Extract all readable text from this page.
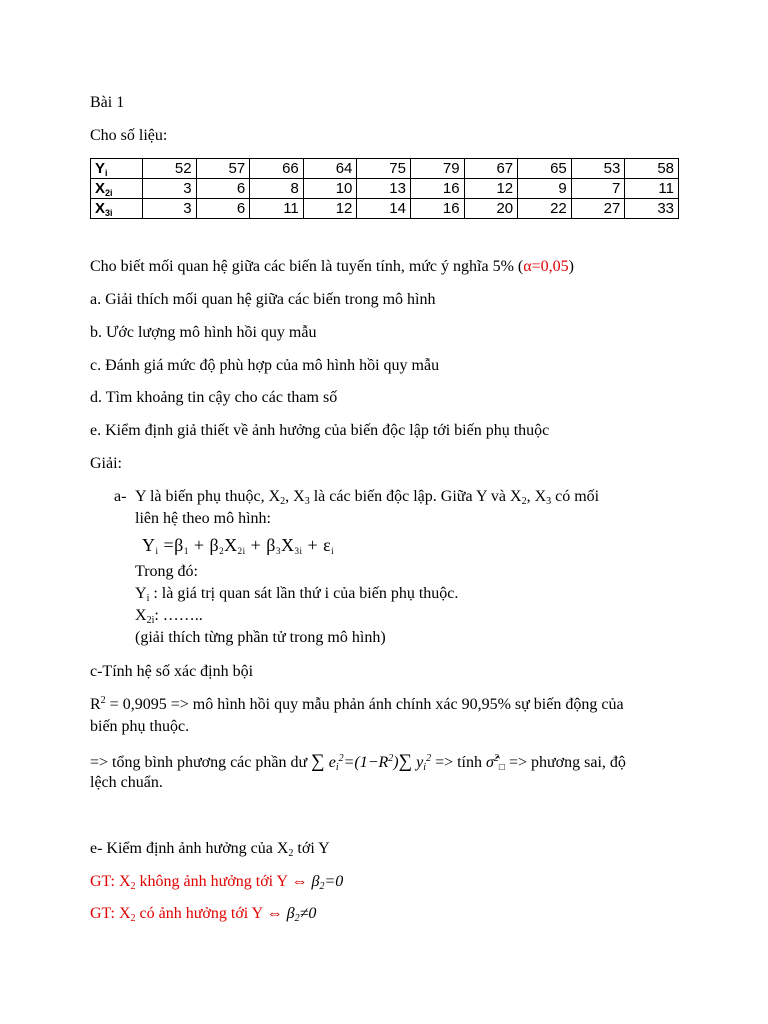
Bài 1
Cho số liệu:
$Y_i$	52	57	66	64	75	79	67	65	53	58
$X_{2i}$	3	6	8	10	13	16	12	9	7	11
$X_{3i}$	3	6	11	12	14	16	20	22	27	33
Cho biết mối quan hệ giữa các biến là tuyến tính, mức ý nghĩa 5% (α=0,05)
a. Giải thích mối quan hệ giữa các biến trong mô hình
b. Ước lượng mô hình hồi quy mẫu
c. Đánh giá mức độ phù hợp của mô hình hồi quy mẫu
d. Tìm khoảng tin cậy cho các tham số
e. Kiểm định giả thiết về ảnh hưởng của biến độc lập tới biến phụ thuộc
Giải:
a- Y là biến phụ thuộc, $X_2$, $X_3$ là các biến độc lập. Giữa Y và $X_2$, $X_3$ có mối
liên hệ theo mô hình:
$Y_i =\beta_1 + \beta_2X_{2i} + \beta_3X_{3i} + \varepsilon_i$
Trong đó:
$Y_i$ : là giá trị quan sát lần thứ i của biến phụ thuộc.
$X_{2i}$: ……..
(giải thích từng phần tử trong mô hình)
c-Tính hệ số xác định bội
$R^2 = 0,9095$ => mô hình hồi quy mẫu phản ánh chính xác 90,95% sự biến động của
biến phụ thuộc.
=> tổng bình phương các phần dư ∑ $e_i^2=(1-R^2)\sum$ $y_i^2$ => tính σ̂$^2_□$ => phương sai, độ
lệch chuẩn.
e- Kiểm định ảnh hưởng của $X_2$ tới Y
GT: $X_2$ không ảnh hưởng tới Y ⇔ $\beta_2=0$
GT: $X_2$ có ảnh hưởng tới Y ⇔ $\beta_2\ne 0$
